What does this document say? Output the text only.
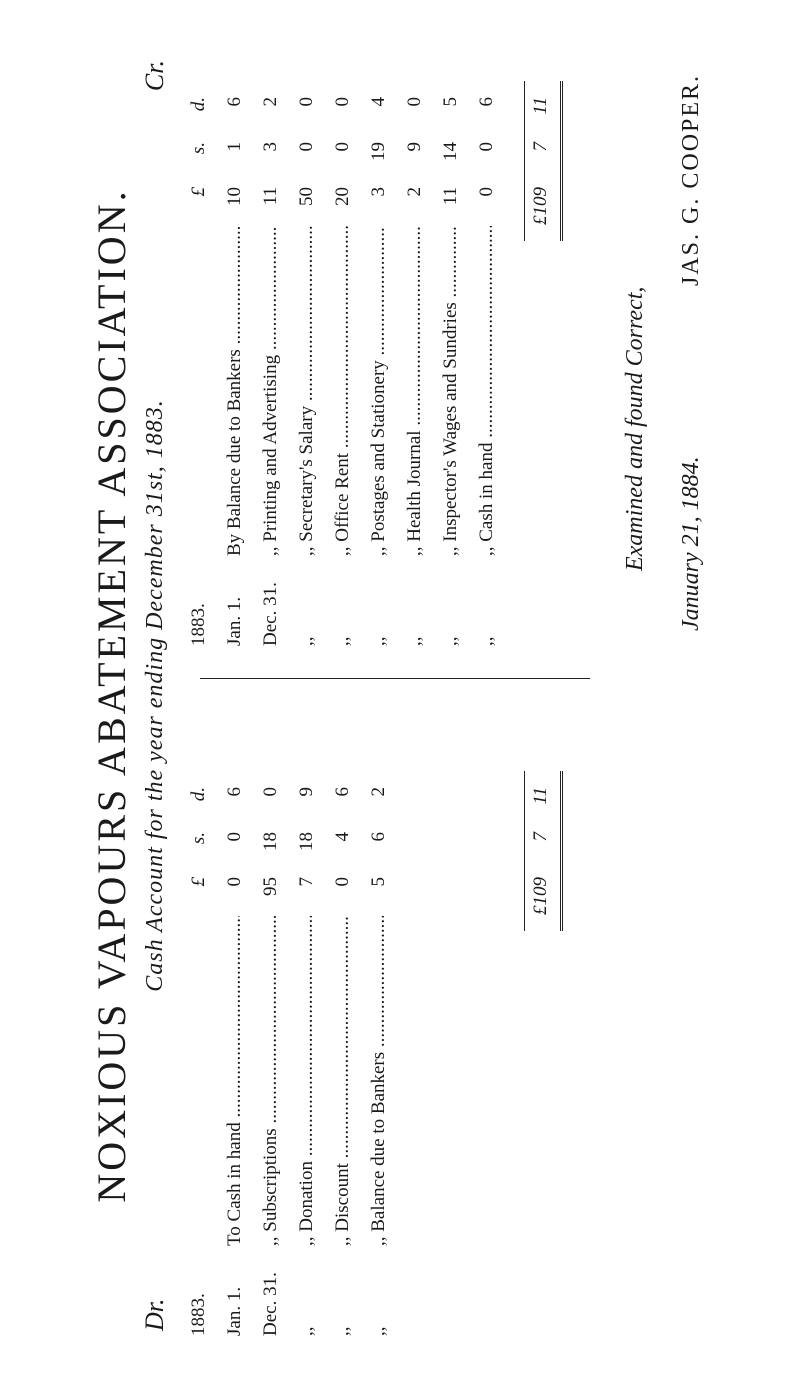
NOXIOUS VAPOURS ABATEMENT ASSOCIATION.
Dr.
Cash Account for the year ending December 31st, 1883.
Cr.
1883.
£
s.
d.
Jan. 1.
To Cash in hand .....
0
0
6
Dec. 31.
,, Subscriptions .....
95
18
0
,,
,, Donation .....
7
18
9
,,
,, Discount .....
0
4
6
,,
,, Balance due to Bankers .....
5
6
2
£109
7
11
1883.
£
s.
d.
Jan. 1.
By Balance due to Bankers .....
10
1
6
Dec. 31.
,, Printing and Advertising .....
11
3
2
,,
,, Secretary's Salary .....
50
0
0
,,
,, Office Rent .....
20
0
0
,,
,, Postages and Stationery .....
3
19
4
,,
,, Health Journal .....
2
9
0
,,
,, Inspector's Wages and Sundries .....
11
14
5
,,
,, Cash in hand .....
0
0
6
£109
7
11
Examined and found Correct, January 21, 1884.
JAS. G. COOPER.
